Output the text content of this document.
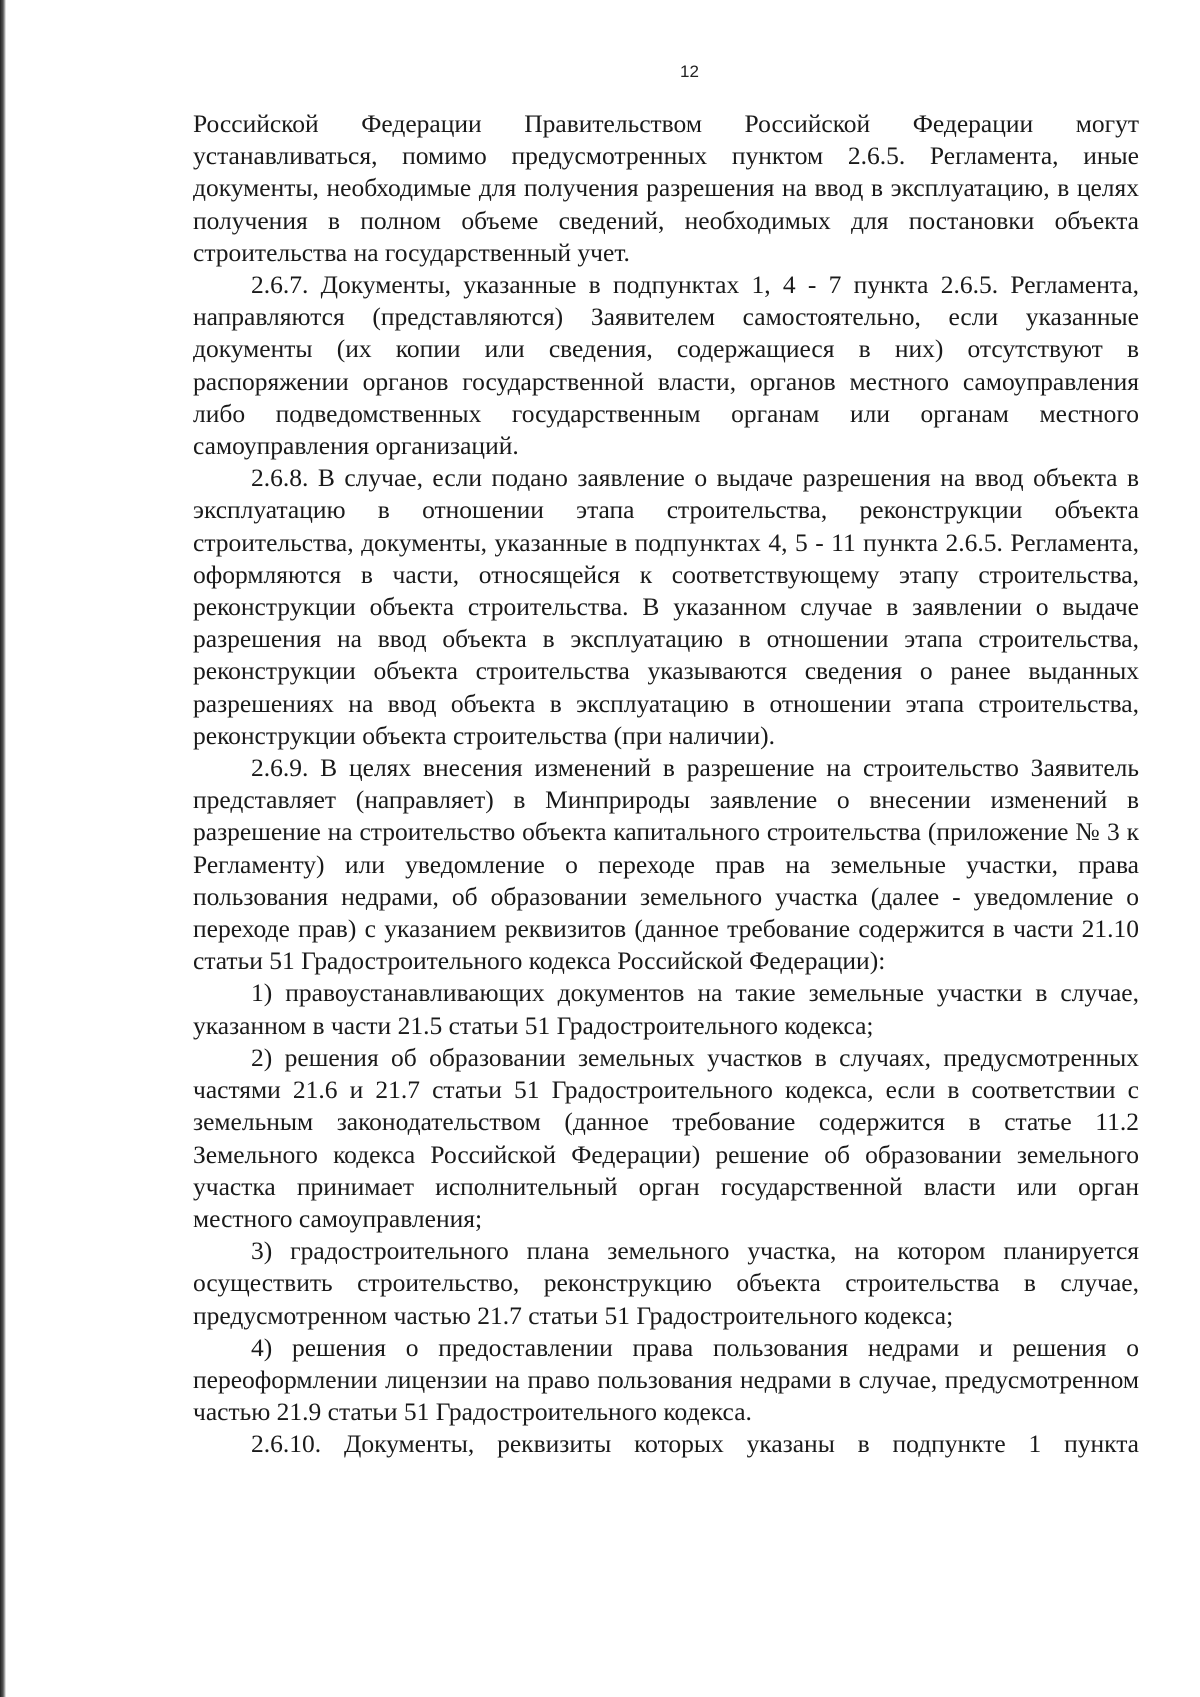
12

Российской Федерации Правительством Российской Федерации могут устанавливаться, помимо предусмотренных пунктом 2.6.5. Регламента, иные документы, необходимые для получения разрешения на ввод в эксплуатацию, в целях получения в полном объеме сведений, необходимых для постановки объекта строительства на государственный учет.

2.6.7. Документы, указанные в подпунктах 1, 4 - 7 пункта 2.6.5. Регламента, направляются (представляются) Заявителем самостоятельно, если указанные документы (их копии или сведения, содержащиеся в них) отсутствуют в распоряжении органов государственной власти, органов местного самоуправления либо подведомственных государственным органам или органам местного самоуправления организаций.

2.6.8. В случае, если подано заявление о выдаче разрешения на ввод объекта в эксплуатацию в отношении этапа строительства, реконструкции объекта строительства, документы, указанные в подпунктах 4, 5 - 11 пункта 2.6.5. Регламента, оформляются в части, относящейся к соответствующему этапу строительства, реконструкции объекта строительства. В указанном случае в заявлении о выдаче разрешения на ввод объекта в эксплуатацию в отношении этапа строительства, реконструкции объекта строительства указываются сведения о ранее выданных разрешениях на ввод объекта в эксплуатацию в отношении этапа строительства, реконструкции объекта строительства (при наличии).

2.6.9. В целях внесения изменений в разрешение на строительство Заявитель представляет (направляет) в Минприроды заявление о внесении изменений в разрешение на строительство объекта капитального строительства (приложение № 3 к Регламенту) или уведомление о переходе прав на земельные участки, права пользования недрами, об образовании земельного участка (далее - уведомление о переходе прав) с указанием реквизитов (данное требование содержится в части 21.10 статьи 51 Градостроительного кодекса Российской Федерации):

1) правоустанавливающих документов на такие земельные участки в случае, указанном в части 21.5 статьи 51 Градостроительного кодекса;

2) решения об образовании земельных участков в случаях, предусмотренных частями 21.6 и 21.7 статьи 51 Градостроительного кодекса, если в соответствии с земельным законодательством (данное требование содержится в статье 11.2 Земельного кодекса Российской Федерации) решение об образовании земельного участка принимает исполнительный орган государственной власти или орган местного самоуправления;

3) градостроительного плана земельного участка, на котором планируется осуществить строительство, реконструкцию объекта строительства в случае, предусмотренном частью 21.7 статьи 51 Градостроительного кодекса;

4) решения о предоставлении права пользования недрами и решения о переоформлении лицензии на право пользования недрами в случае, предусмотренном частью 21.9 статьи 51 Градостроительного кодекса.

2.6.10. Документы, реквизиты которых указаны в подпункте 1 пункта
